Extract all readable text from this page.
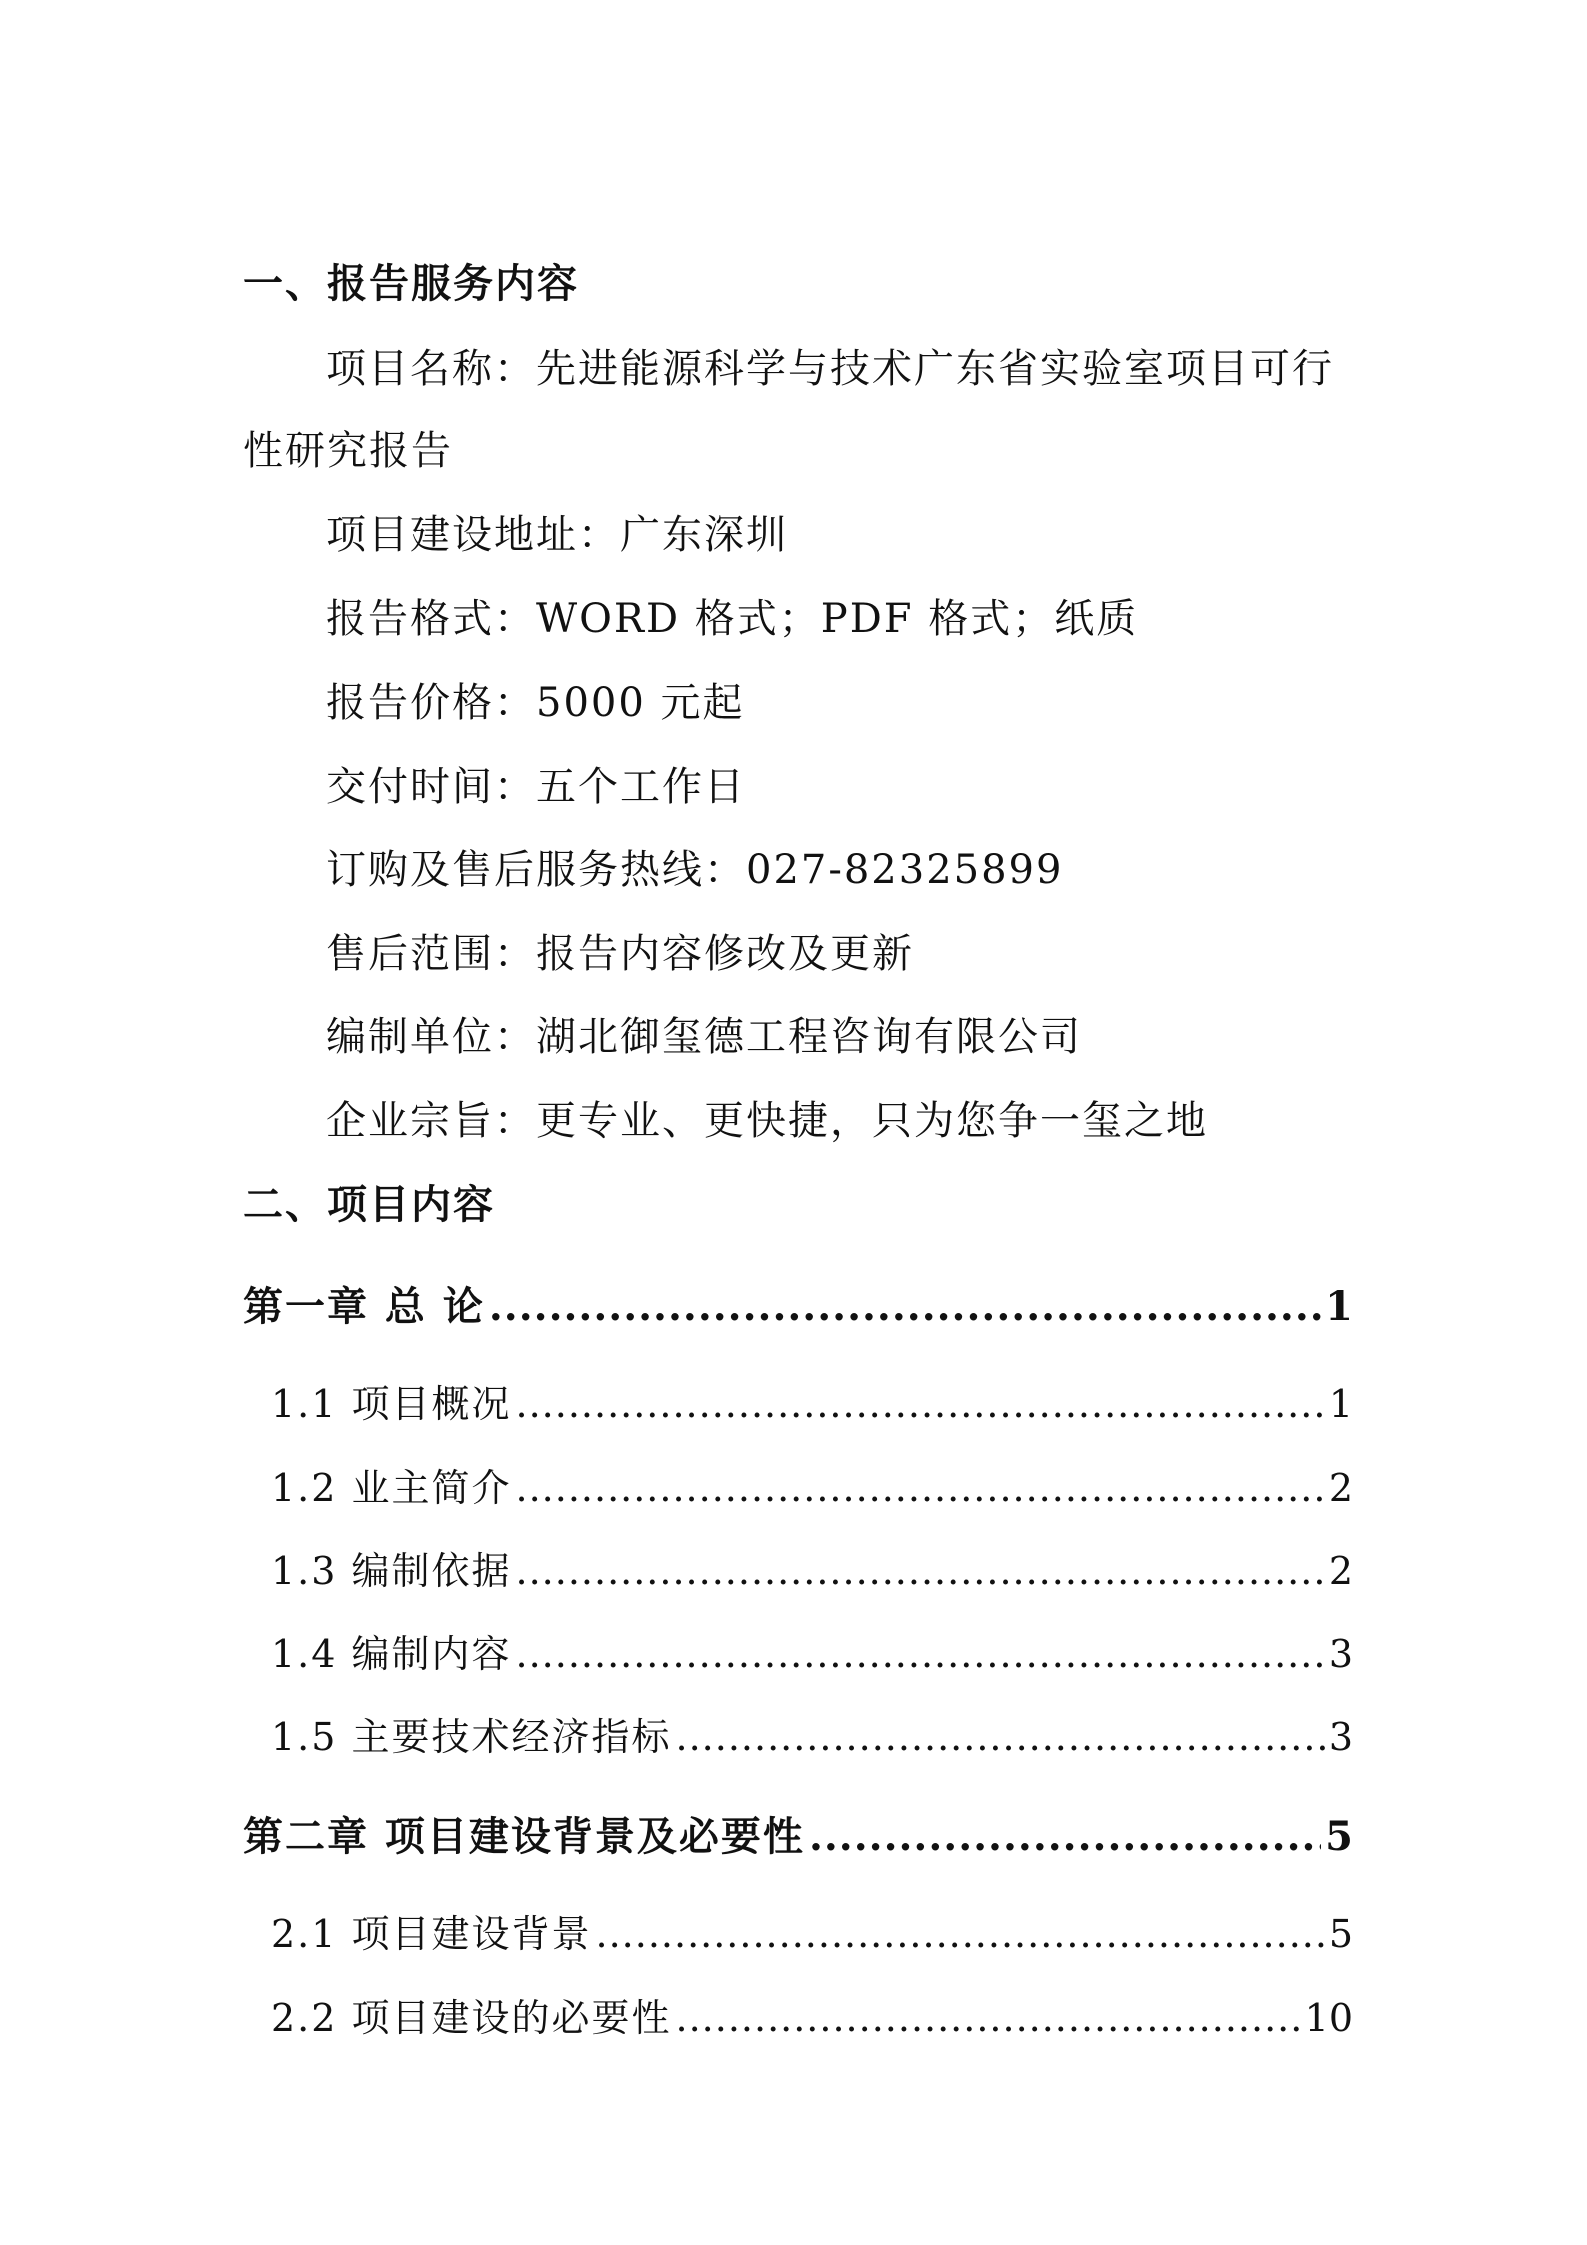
一、报告服务内容
项目名称：先进能源科学与技术广东省实验室项目可行
性研究报告
项目建设地址：广东深圳
报告格式：WORD 格式；PDF 格式；纸质
报告价格：5000 元起
交付时间：五个工作日
订购及售后服务热线：027-82325899
售后范围：报告内容修改及更新
编制单位：湖北御玺德工程咨询有限公司
企业宗旨：更专业、更快捷，只为您争一玺之地
二、项目内容
第一章 总 论 .....	1
1.1 项目概况 .....	1
1.2 业主简介 .....	2
1.3 编制依据 .....	2
1.4 编制内容 .....	3
1.5 主要技术经济指标 .....	3
第二章 项目建设背景及必要性 .....	5
2.1 项目建设背景 .....	5
2.2 项目建设的必要性 .....	10
